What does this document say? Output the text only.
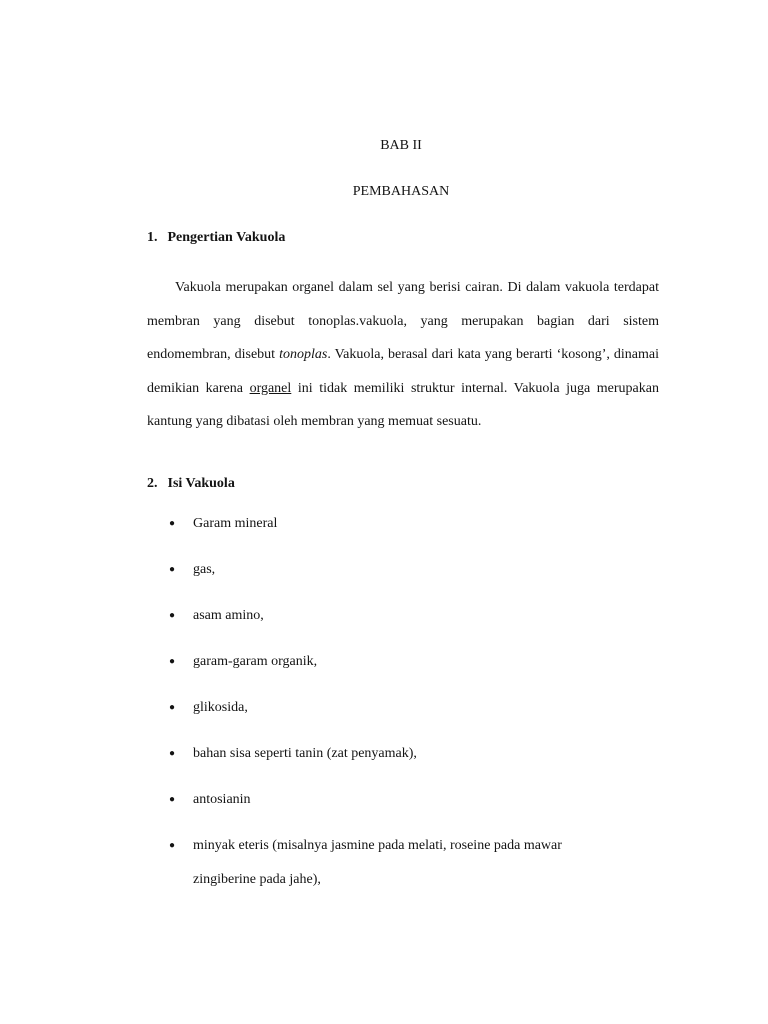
BAB II
PEMBAHASAN
1. Pengertian Vakuola

Vakuola merupakan organel dalam sel yang berisi cairan. Di dalam vakuola terdapat membran yang disebut tonoplas.vakuola, yang merupakan bagian dari sistem endomembran, disebut tonoplas. Vakuola, berasal dari kata yang berarti ‘kosong’, dinamai demikian karena organel ini tidak memiliki struktur internal. Vakuola juga merupakan kantung yang dibatasi oleh membran yang memuat sesuatu.

2. Isi Vakuola
● Garam mineral
● gas,
● asam amino,
● garam-garam organik,
● glikosida,
● bahan sisa seperti tanin (zat penyamak),
● antosianin
● minyak eteris (misalnya jasmine pada melati, roseine pada mawar zingiberine pada jahe),
